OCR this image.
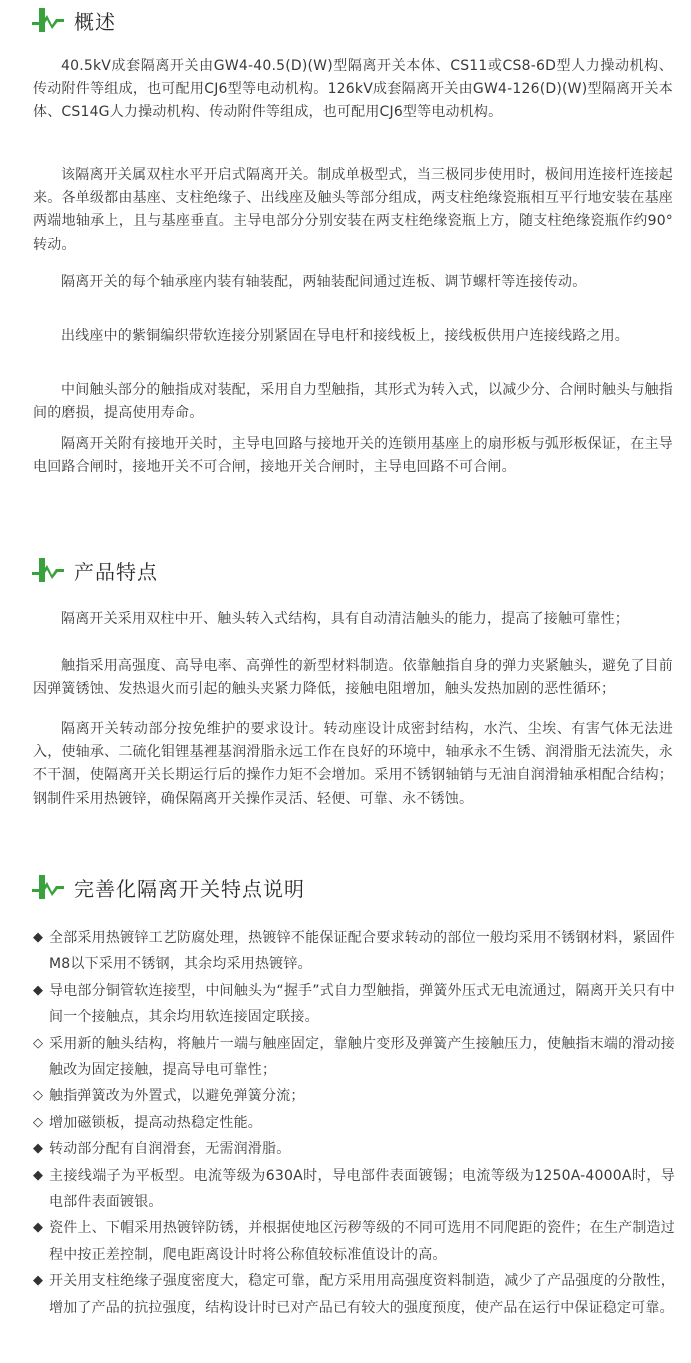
概述

40.5kV成套隔离开关由GW4-40.5(D)(W)型隔离开关本体、CS11或CS8-6D型人力操动机构、传动附件等组成，也可配用CJ6型等电动机构。126kV成套隔离开关由GW4-126(D)(W)型隔离开关本体、CS14G人力操动机构、传动附件等组成，也可配用CJ6型等电动机构。

该隔离开关属双柱水平开启式隔离开关。制成单极型式，当三极同步使用时，极间用连接杆连接起来。各单级都由基座、支柱绝缘子、出线座及触头等部分组成，两支柱绝缘瓷瓶相互平行地安装在基座两端地轴承上，且与基座垂直。主导电部分分别安装在两支柱绝缘瓷瓶上方，随支柱绝缘瓷瓶作约90° 转动。

隔离开关的每个轴承座内装有轴装配，两轴装配间通过连板、调节螺杆等连接传动。

出线座中的紫铜编织带软连接分别紧固在导电杆和接线板上，接线板供用户连接线路之用。

中间触头部分的触指成对装配，采用自力型触指，其形式为转入式，以减少分、合闸时触头与触指间的磨损，提高使用寿命。

隔离开关附有接地开关时，主导电回路与接地开关的连锁用基座上的扇形板与弧形板保证，在主导电回路合闸时，接地开关不可合闸，接地开关合闸时，主导电回路不可合闸。

产品特点

隔离开关采用双柱中开、触头转入式结构，具有自动清洁触头的能力，提高了接触可靠性；

触指采用高强度、高导电率、高弹性的新型材料制造。依靠触指自身的弹力夹紧触头，避免了目前因弹簧锈蚀、发热退火而引起的触头夹紧力降低，接触电阻增加，触头发热加剧的恶性循环；

隔离开关转动部分按免维护的要求设计。转动座设计成密封结构，水汽、尘埃、有害气体无法进入，使轴承、二硫化钼锂基裡基润滑脂永远工作在良好的环境中，轴承永不生锈、润滑脂无法流失，永不干涸，使隔离开关长期运行后的操作力矩不会增加。采用不锈钢轴销与无油自润滑轴承相配合结构；钢制件采用热镀锌，确保隔离开关操作灵活、轻便、可靠、永不锈蚀。

完善化隔离开关特点说明
◆ 全部采用热镀锌工艺防腐处理，热镀锌不能保证配合要求转动的部位一般均采用不锈钢材料，紧固件M8以下采用不锈钢，其余均采用热镀锌。
◆ 导电部分铜管软连接型，中间触头为“握手”式自力型触指，弹簧外压式无电流通过，隔离开关只有中间一个接触点，其余均用软连接固定联接。
◇ 采用新的触头结构，将触片一端与触座固定，靠触片变形及弹簧产生接触压力，使触指末端的滑动接触改为固定接触，提高导电可靠性；
◇ 触指弹簧改为外置式，以避免弹簧分流；
◇ 增加磁锁板，提高动热稳定性能。
◆ 转动部分配有自润滑套，无需润滑脂。
◆ 主接线端子为平板型。电流等级为630A时，导电部件表面镀锡；电流等级为1250A-4000A时，导电部件表面镀银。
◆ 瓷件上、下帽采用热镀锌防锈，并根据使地区污秽等级的不同可选用不同爬距的瓷件；在生产制造过程中按正差控制，爬电距离设计时将公称值较标准值设计的高。
◆ 开关用支柱绝缘子强度密度大，稳定可靠，配方采用用高强度资料制造，减少了产品强度的分散性，增加了产品的抗拉强度，结构设计时已对产品已有较大的强度预度，使产品在运行中保证稳定可靠。
